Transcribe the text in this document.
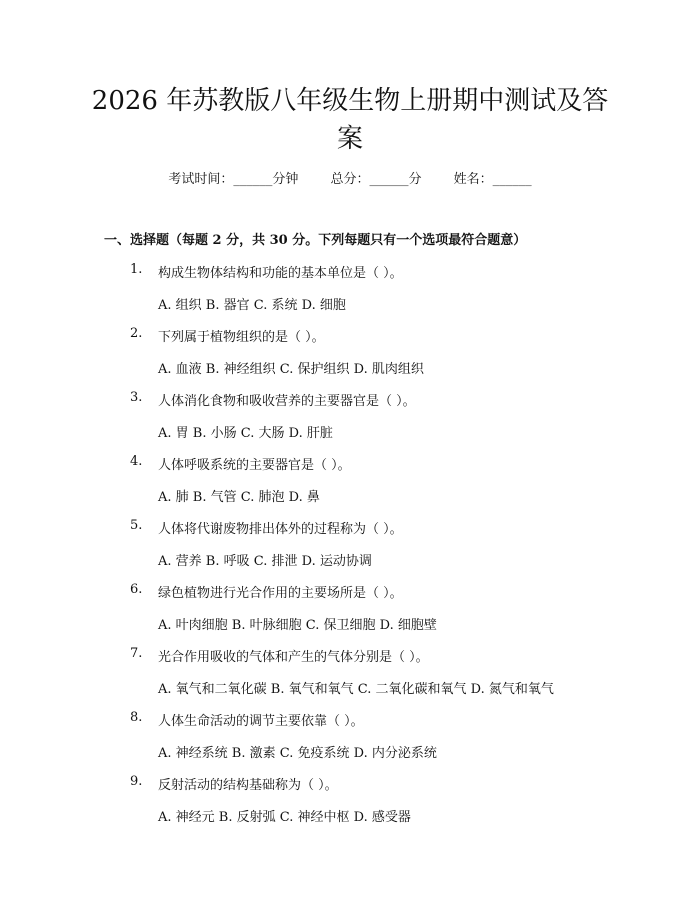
2026 年苏教版八年级生物上册期中测试及答案
考试时间：______分钟 总分：______分 姓名：______
一、选择题（每题 2 分，共 30 分。下列每题只有一个选项最符合题意）
1. 构成生物体结构和功能的基本单位是（ ）。
A. 组织 B. 器官 C. 系统 D. 细胞
2. 下列属于植物组织的是（ ）。
A. 血液 B. 神经组织 C. 保护组织 D. 肌肉组织
3. 人体消化食物和吸收营养的主要器官是（ ）。
A. 胃 B. 小肠 C. 大肠 D. 肝脏
4. 人体呼吸系统的主要器官是（ ）。
A. 肺 B. 气管 C. 肺泡 D. 鼻
5. 人体将代谢废物排出体外的过程称为（ ）。
A. 营养 B. 呼吸 C. 排泄 D. 运动协调
6. 绿色植物进行光合作用的主要场所是（ ）。
A. 叶肉细胞 B. 叶脉细胞 C. 保卫细胞 D. 细胞壁
7. 光合作用吸收的气体和产生的气体分别是（ ）。
A. 氧气和二氧化碳 B. 氧气和氧气 C. 二氧化碳和氧气 D. 氮气和氧气
8. 人体生命活动的调节主要依靠（ ）。
A. 神经系统 B. 激素 C. 免疫系统 D. 内分泌系统
9. 反射活动的结构基础称为（ ）。
A. 神经元 B. 反射弧 C. 神经中枢 D. 感受器
